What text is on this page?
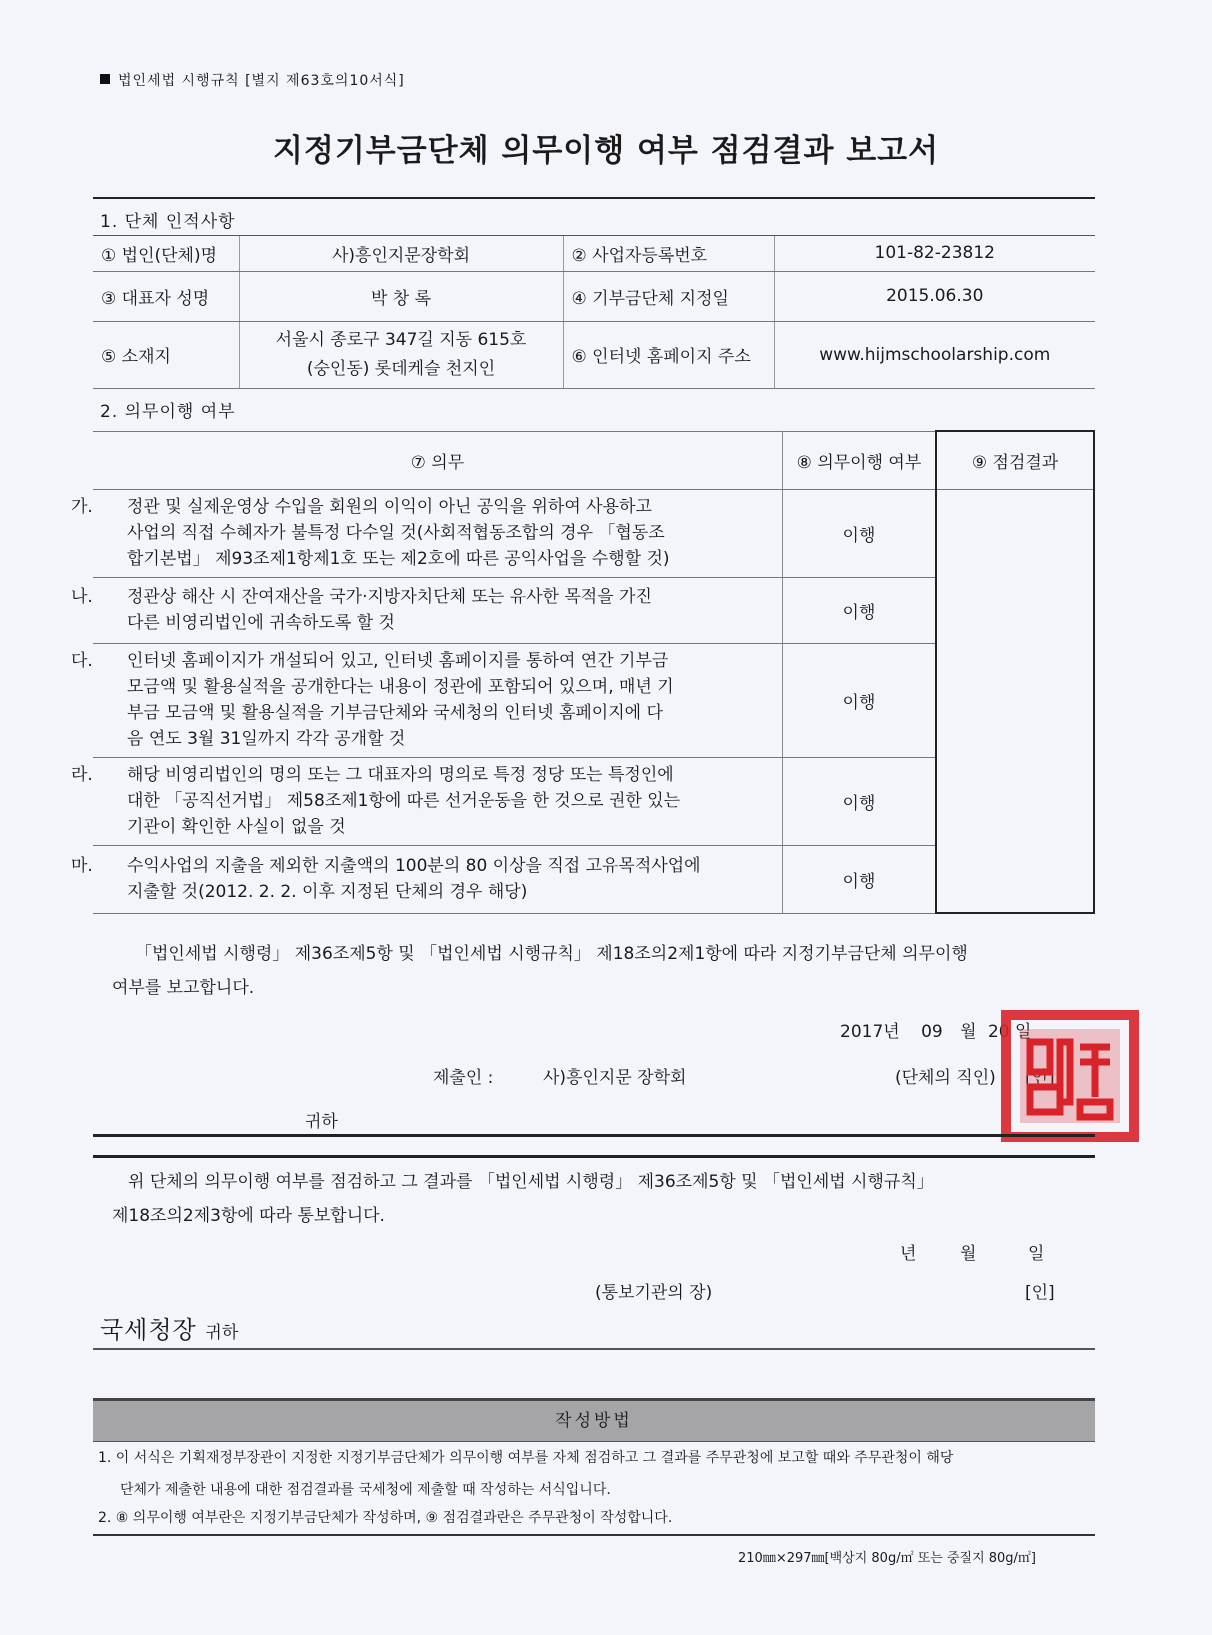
법인세법 시행규칙 [별지 제63호의10서식]
지정기부금단체 의무이행 여부 점검결과 보고서
1. 단체 인적사항
① 법인(단체)명	사)흥인지문장학회	② 사업자등록번호	101-82-23812
③ 대표자 성명	박 창 록	④ 기부금단체 지정일	2015.06.30
⑤ 소재지	서울시 종로구 347길 지동 615호
(숭인동) 롯데케슬 천지인	⑥ 인터넷 홈페이지 주소	www.hijmschoolarship.com
2. 의무이행 여부
⑦ 의무	⑧ 의무이행 여부	⑨ 점검결과

가. 정관 및 실제운영상 수입을 회원의 이익이 아닌 공익을 위하여 사용하고
사업의 직접 수혜자가 불특정 다수일 것(사회적협동조합의 경우 「협동조
합기본법」 제93조제1항제1호 또는 제2호에 따른 공익사업을 수행할 것)	이행	

나. 정관상 해산 시 잔여재산을 국가·지방자치단체 또는 유사한 목적을 가진
다른 비영리법인에 귀속하도록 할 것	이행	

다. 인터넷 홈페이지가 개설되어 있고, 인터넷 홈페이지를 통하여 연간 기부금
모금액 및 활용실적을 공개한다는 내용이 정관에 포함되어 있으며, 매년 기
부금 모금액 및 활용실적을 기부금단체와 국세청의 인터넷 홈페이지에 다
음 연도 3월 31일까지 각각 공개할 것	이행	

라. 해당 비영리법인의 명의 또는 그 대표자의 명의로 특정 정당 또는 특정인에
대한 「공직선거법」 제58조제1항에 따른 선거운동을 한 것으로 권한 있는
기관이 확인한 사실이 없을 것	이행	

마. 수익사업의 지출을 제외한 지출액의 100분의 80 이상을 직접 고유목적사업에
지출할 것(2012. 2. 2. 이후 지정된 단체의 경우 해당)	이행	
「법인세법 시행령」 제36조제5항 및 「법인세법 시행규칙」 제18조의2제1항에 따라 지정기부금단체 의무이행
여부를 보고합니다.
2017년 09 월 20 일
제출인 :	사)흥인지문 장학회	(단체의 직인) [인]
귀하
위 단체의 의무이행 여부를 점검하고 그 결과를 「법인세법 시행령」 제36조제5항 및 「법인세법 시행규칙」
제18조의2제3항에 따라 통보합니다.
년	월	일
(통보기관의 장)	[인]
국세청장 귀하
작성방법
1. 이 서식은 기획재정부장관이 지정한 지정기부금단체가 의무이행 여부를 자체 점검하고 그 결과를 주무관청에 보고할 때와 주무관청이 해당
단체가 제출한 내용에 대한 점검결과를 국세청에 제출할 때 작성하는 서식입니다.
2. ⑧ 의무이행 여부란은 지정기부금단체가 작성하며, ⑨ 점검결과란은 주무관청이 작성합니다.
210㎜×297㎜[백상지 80g/㎡ 또는 중질지 80g/㎡]
